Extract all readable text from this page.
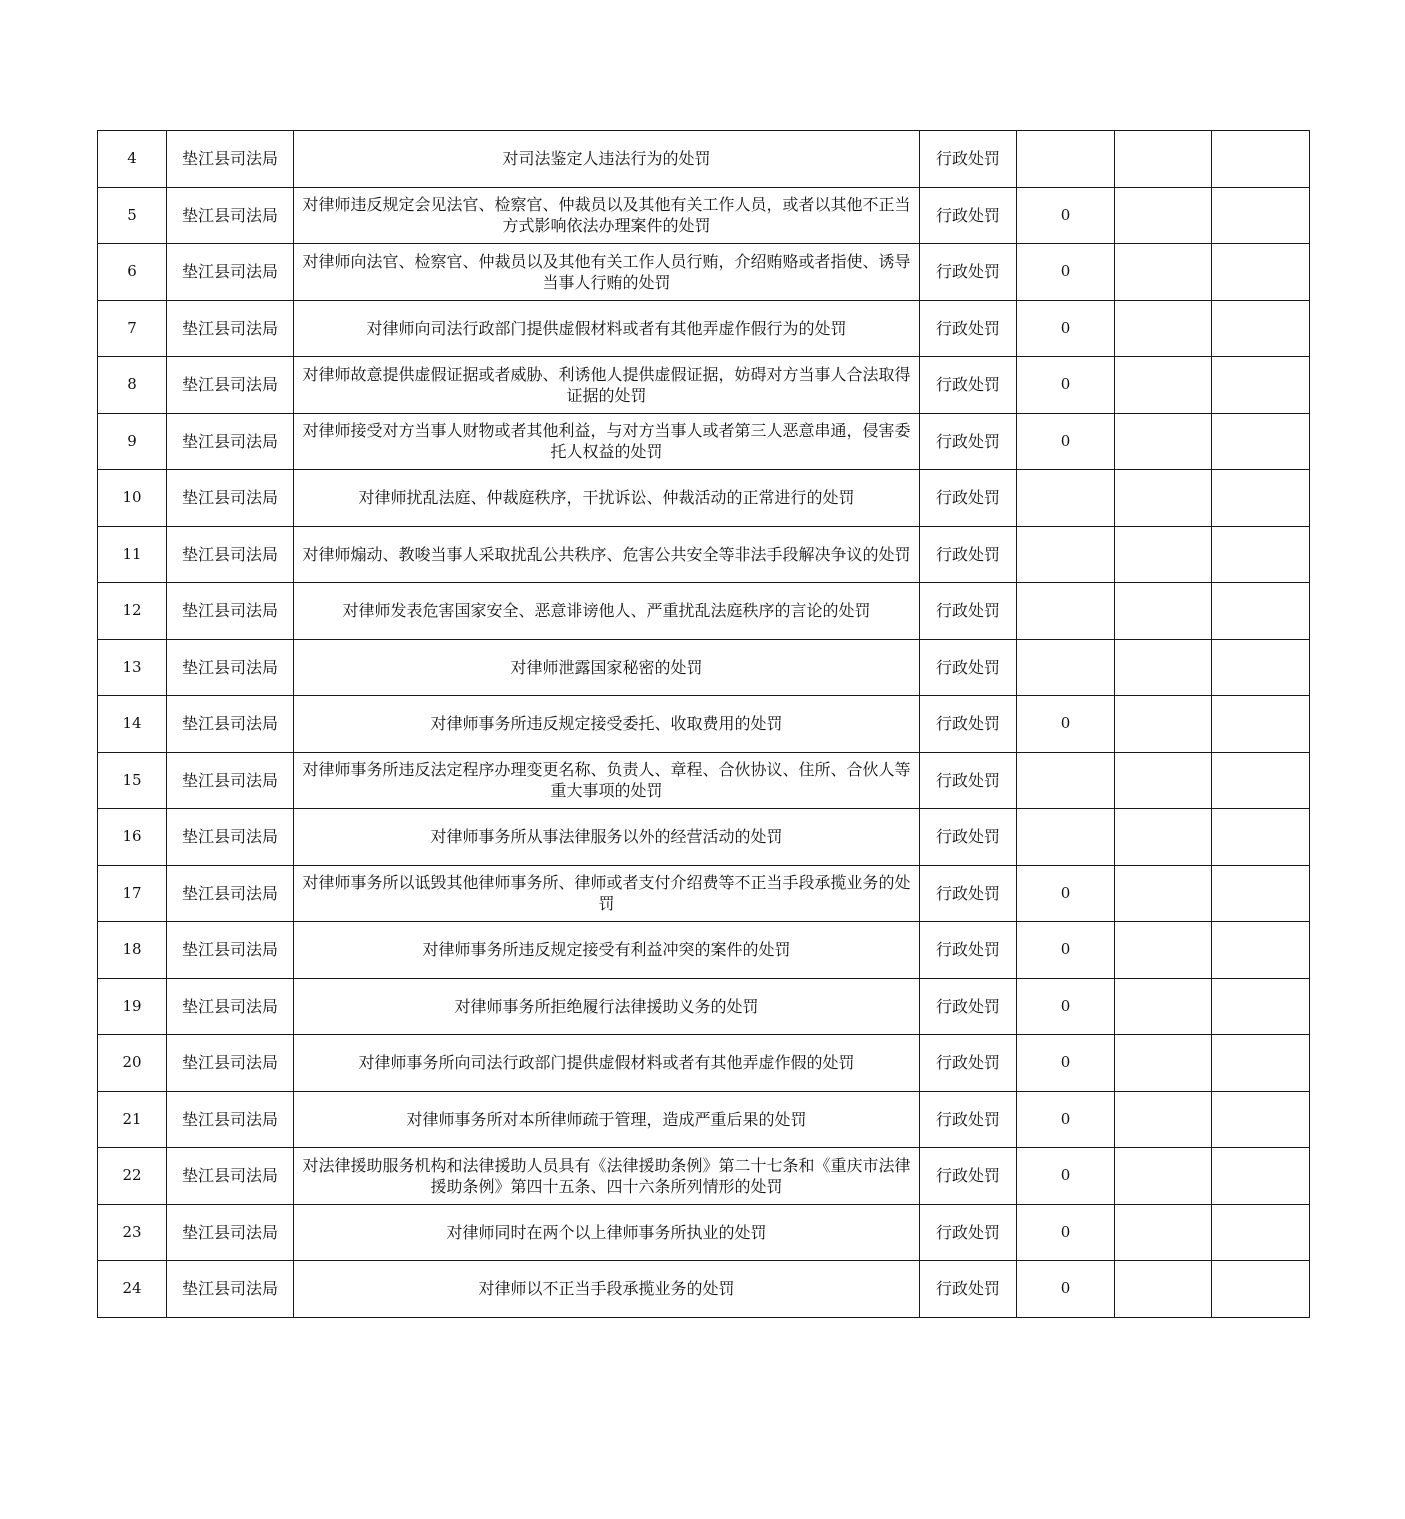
4	垫江县司法局	对司法鉴定人违法行为的处罚	行政处罚			
5	垫江县司法局	对律师违反规定会见法官、检察官、仲裁员以及其他有关工作人员，或者以其他不正当方式影响依法办理案件的处罚	行政处罚	0		
6	垫江县司法局	对律师向法官、检察官、仲裁员以及其他有关工作人员行贿，介绍贿赂或者指使、诱导当事人行贿的处罚	行政处罚	0		
7	垫江县司法局	对律师向司法行政部门提供虚假材料或者有其他弄虚作假行为的处罚	行政处罚	0		
8	垫江县司法局	对律师故意提供虚假证据或者威胁、利诱他人提供虚假证据，妨碍对方当事人合法取得证据的处罚	行政处罚	0		
9	垫江县司法局	对律师接受对方当事人财物或者其他利益，与对方当事人或者第三人恶意串通，侵害委托人权益的处罚	行政处罚	0		
10	垫江县司法局	对律师扰乱法庭、仲裁庭秩序，干扰诉讼、仲裁活动的正常进行的处罚	行政处罚			
11	垫江县司法局	对律师煽动、教唆当事人采取扰乱公共秩序、危害公共安全等非法手段解决争议的处罚	行政处罚			
12	垫江县司法局	对律师发表危害国家安全、恶意诽谤他人、严重扰乱法庭秩序的言论的处罚	行政处罚			
13	垫江县司法局	对律师泄露国家秘密的处罚	行政处罚			
14	垫江县司法局	对律师事务所违反规定接受委托、收取费用的处罚	行政处罚	0		
15	垫江县司法局	对律师事务所违反法定程序办理变更名称、负责人、章程、合伙协议、住所、合伙人等重大事项的处罚	行政处罚			
16	垫江县司法局	对律师事务所从事法律服务以外的经营活动的处罚	行政处罚			
17	垫江县司法局	对律师事务所以诋毁其他律师事务所、律师或者支付介绍费等不正当手段承揽业务的处罚	行政处罚	0		
18	垫江县司法局	对律师事务所违反规定接受有利益冲突的案件的处罚	行政处罚	0		
19	垫江县司法局	对律师事务所拒绝履行法律援助义务的处罚	行政处罚	0		
20	垫江县司法局	对律师事务所向司法行政部门提供虚假材料或者有其他弄虚作假的处罚	行政处罚	0		
21	垫江县司法局	对律师事务所对本所律师疏于管理，造成严重后果的处罚	行政处罚	0		
22	垫江县司法局	对法律援助服务机构和法律援助人员具有《法律援助条例》第二十七条和《重庆市法律援助条例》第四十五条、四十六条所列情形的处罚	行政处罚	0		
23	垫江县司法局	对律师同时在两个以上律师事务所执业的处罚	行政处罚	0		
24	垫江县司法局	对律师以不正当手段承揽业务的处罚	行政处罚	0		
